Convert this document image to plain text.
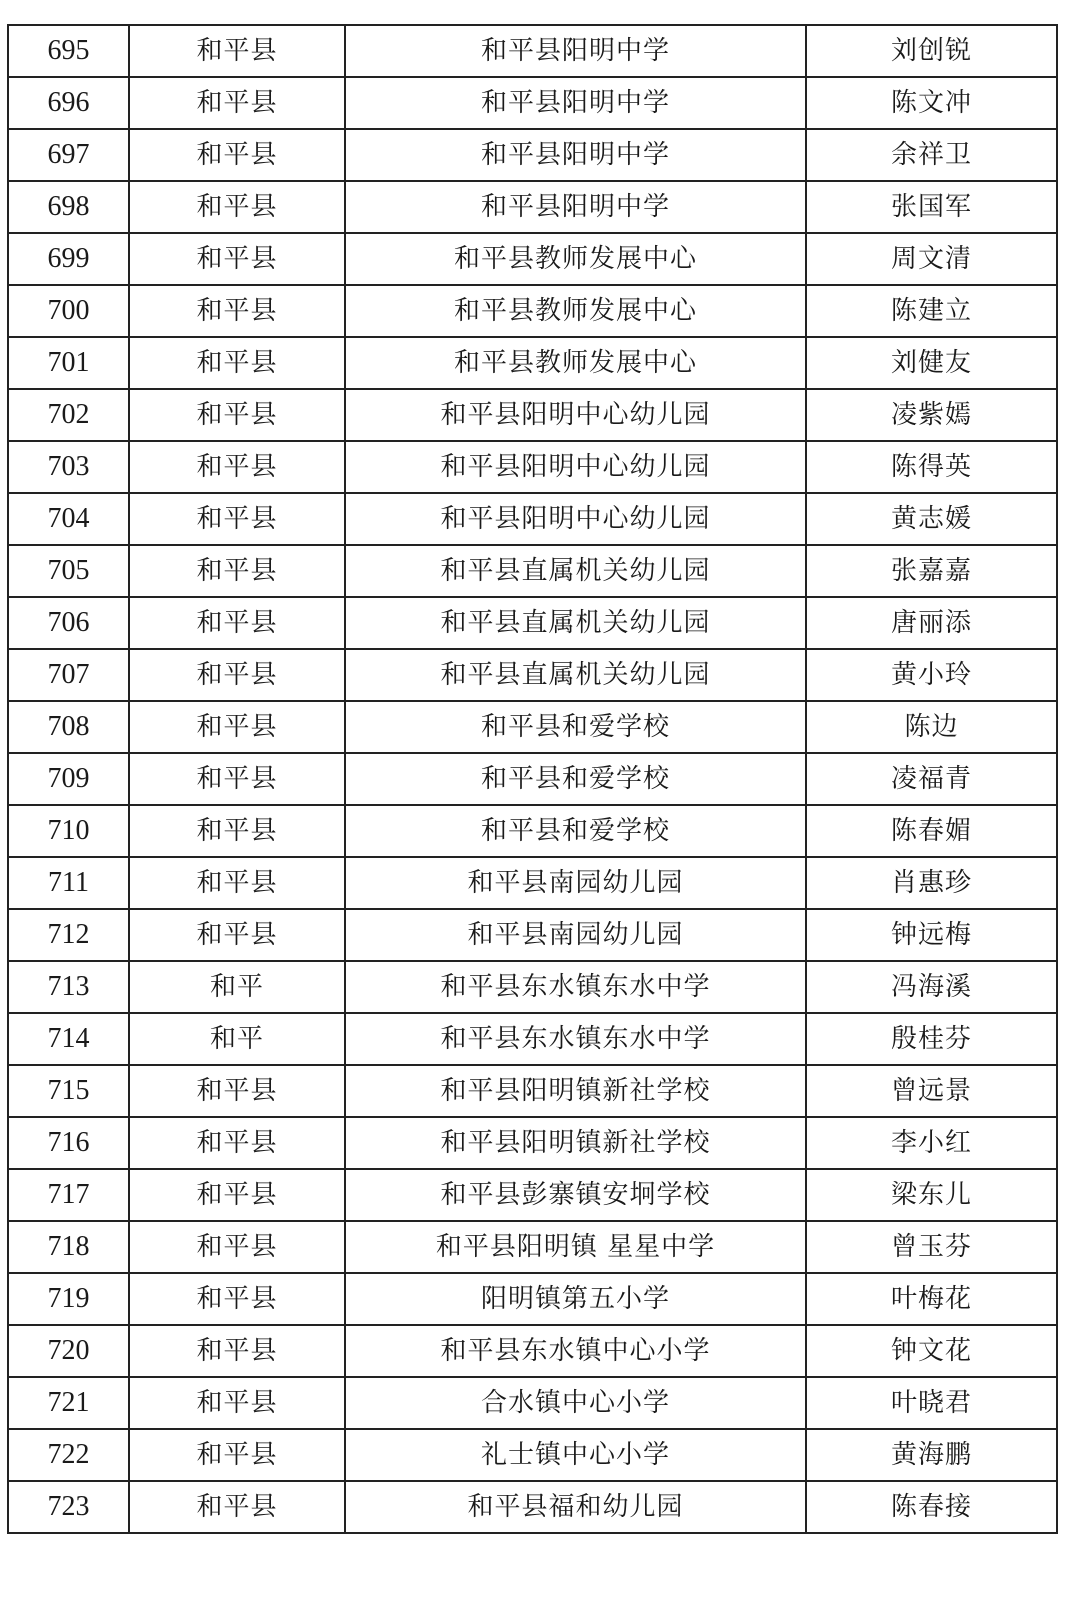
695	和平县	和平县阳明中学	刘创锐
696	和平县	和平县阳明中学	陈文冲
697	和平县	和平县阳明中学	余祥卫
698	和平县	和平县阳明中学	张国军
699	和平县	和平县教师发展中心	周文清
700	和平县	和平县教师发展中心	陈建立
701	和平县	和平县教师发展中心	刘健友
702	和平县	和平县阳明中心幼儿园	凌紫嫣
703	和平县	和平县阳明中心幼儿园	陈得英
704	和平县	和平县阳明中心幼儿园	黄志媛
705	和平县	和平县直属机关幼儿园	张嘉嘉
706	和平县	和平县直属机关幼儿园	唐丽添
707	和平县	和平县直属机关幼儿园	黄小玲
708	和平县	和平县和爱学校	陈边
709	和平县	和平县和爱学校	凌福青
710	和平县	和平县和爱学校	陈春媚
711	和平县	和平县南园幼儿园	肖惠珍
712	和平县	和平县南园幼儿园	钟远梅
713	和平	和平县东水镇东水中学	冯海溪
714	和平	和平县东水镇东水中学	殷桂芬
715	和平县	和平县阳明镇新社学校	曾远景
716	和平县	和平县阳明镇新社学校	李小红
717	和平县	和平县彭寨镇安坰学校	梁东儿
718	和平县	和平县阳明镇 星星中学	曾玉芬
719	和平县	阳明镇第五小学	叶梅花
720	和平县	和平县东水镇中心小学	钟文花
721	和平县	合水镇中心小学	叶晓君
722	和平县	礼士镇中心小学	黄海鹏
723	和平县	和平县福和幼儿园	陈春接
